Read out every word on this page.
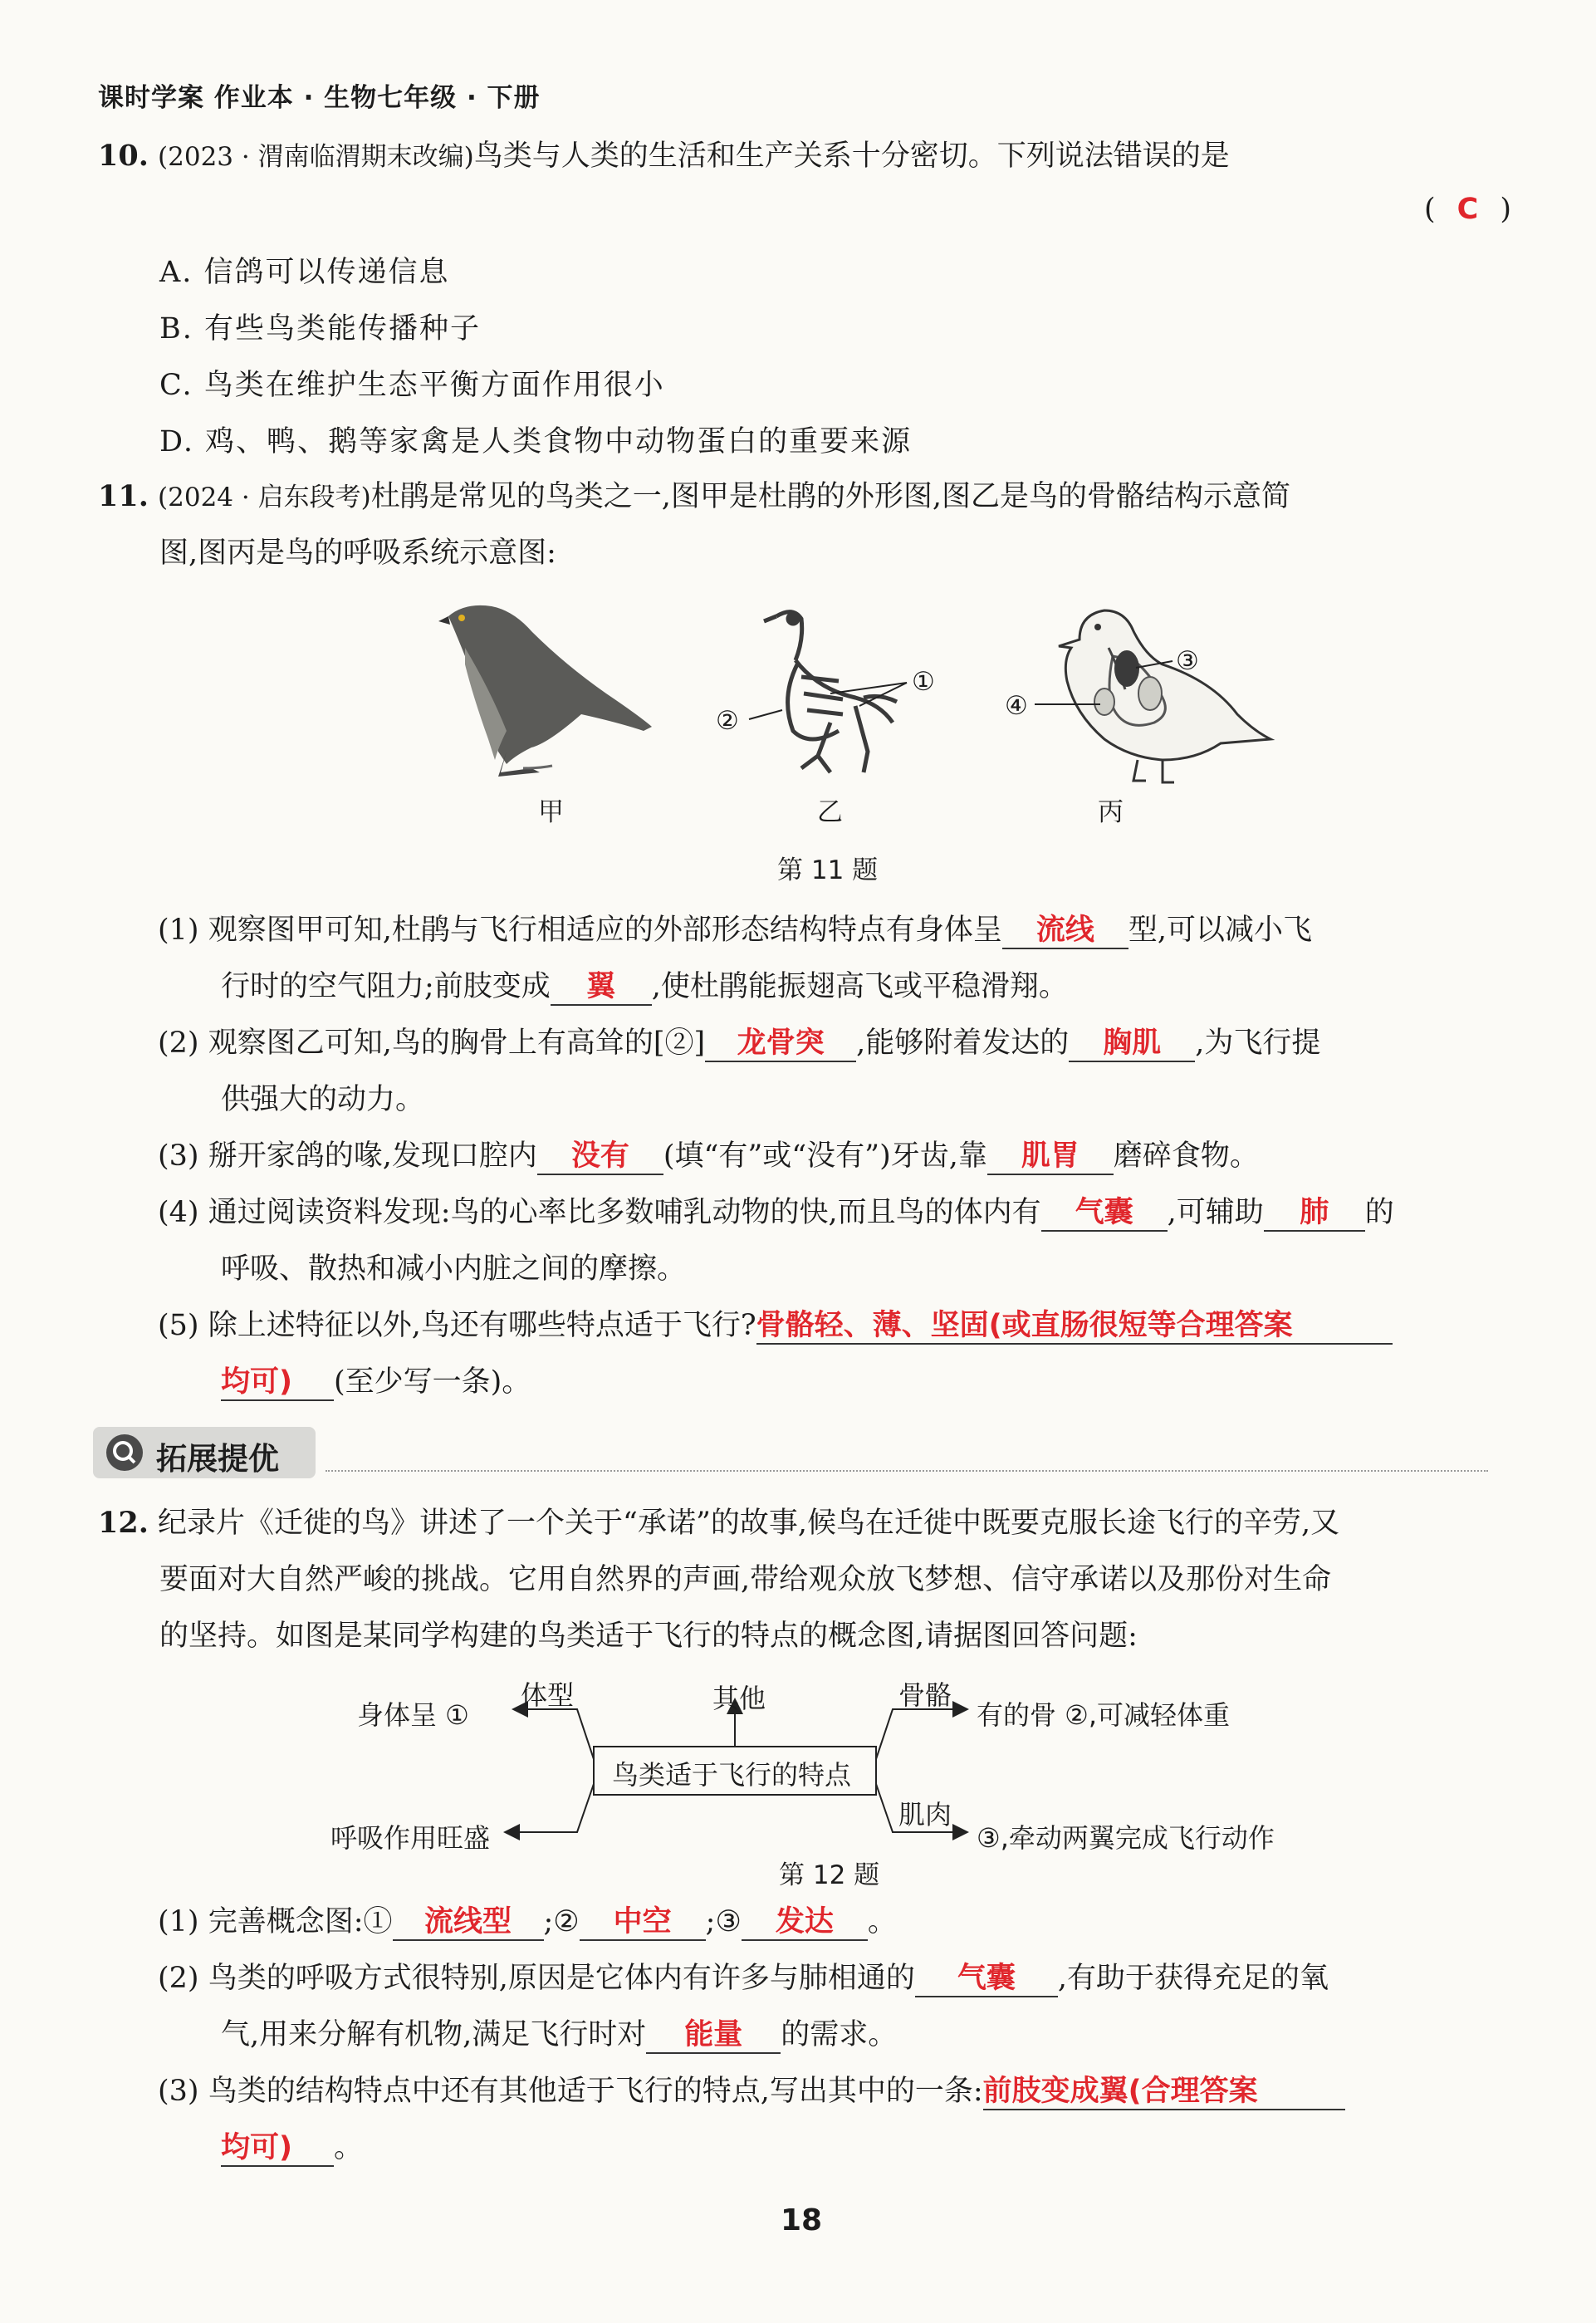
课时学案 作业本 · 生物七年级 · 下册
10. (2023 · 渭南临渭期末改编)鸟类与人类的生活和生产关系十分密切。下列说法错误的是
( C )
A. 信鸽可以传递信息
B. 有些鸟类能传播种子
C. 鸟类在维护生态平衡方面作用很小
D. 鸡、鸭、鹅等家禽是人类食物中动物蛋白的重要来源
11. (2024 · 启东段考)杜鹃是常见的鸟类之一,图甲是杜鹃的外形图,图乙是鸟的骨骼结构示意简
图,图丙是鸟的呼吸系统示意图:
①
②
③
④
甲	乙	丙
第 11 题
(1) 观察图甲可知,杜鹃与飞行相适应的外部形态结构特点有身体呈 流线 型,可以减小飞
行时的空气阻力;前肢变成 翼 ,使杜鹃能振翅高飞或平稳滑翔。
(2) 观察图乙可知,鸟的胸骨上有高耸的[②] 龙骨突 ,能够附着发达的 胸肌 ,为飞行提
供强大的动力。
(3) 掰开家鸽的喙,发现口腔内 没有 (填“有”或“没有”)牙齿,靠 肌胃 磨碎食物。
(4) 通过阅读资料发现:鸟的心率比多数哺乳动物的快,而且鸟的体内有 气囊 ,可辅助 肺 的
呼吸、散热和减小内脏之间的摩擦。
(5) 除上述特征以外,鸟还有哪些特点适于飞行?骨骼轻、薄、坚固(或直肠很短等合理答案
均可) (至少写一条)。
拓展提优
12. 纪录片《迁徙的鸟》讲述了一个关于“承诺”的故事,候鸟在迁徙中既要克服长途飞行的辛劳,又
要面对大自然严峻的挑战。它用自然界的声画,带给观众放飞梦想、信守承诺以及那份对生命
的坚持。如图是某同学构建的鸟类适于飞行的特点的概念图,请据图回答问题:
鸟类适于飞行的特点
体型	其他	骨骼
肌肉
身体呈 ①
呼吸作用旺盛
有的骨 ②,可减轻体重
③,牵动两翼完成飞行动作
第 12 题
(1) 完善概念图:① 流线型 ;② 中空 ;③ 发达 。
(2) 鸟类的呼吸方式很特别,原因是它体内有许多与肺相通的 气囊 ,有助于获得充足的氧
气,用来分解有机物,满足飞行时对 能量 的需求。
(3) 鸟类的结构特点中还有其他适于飞行的特点,写出其中的一条:前肢变成翼(合理答案
均可) 。
18
